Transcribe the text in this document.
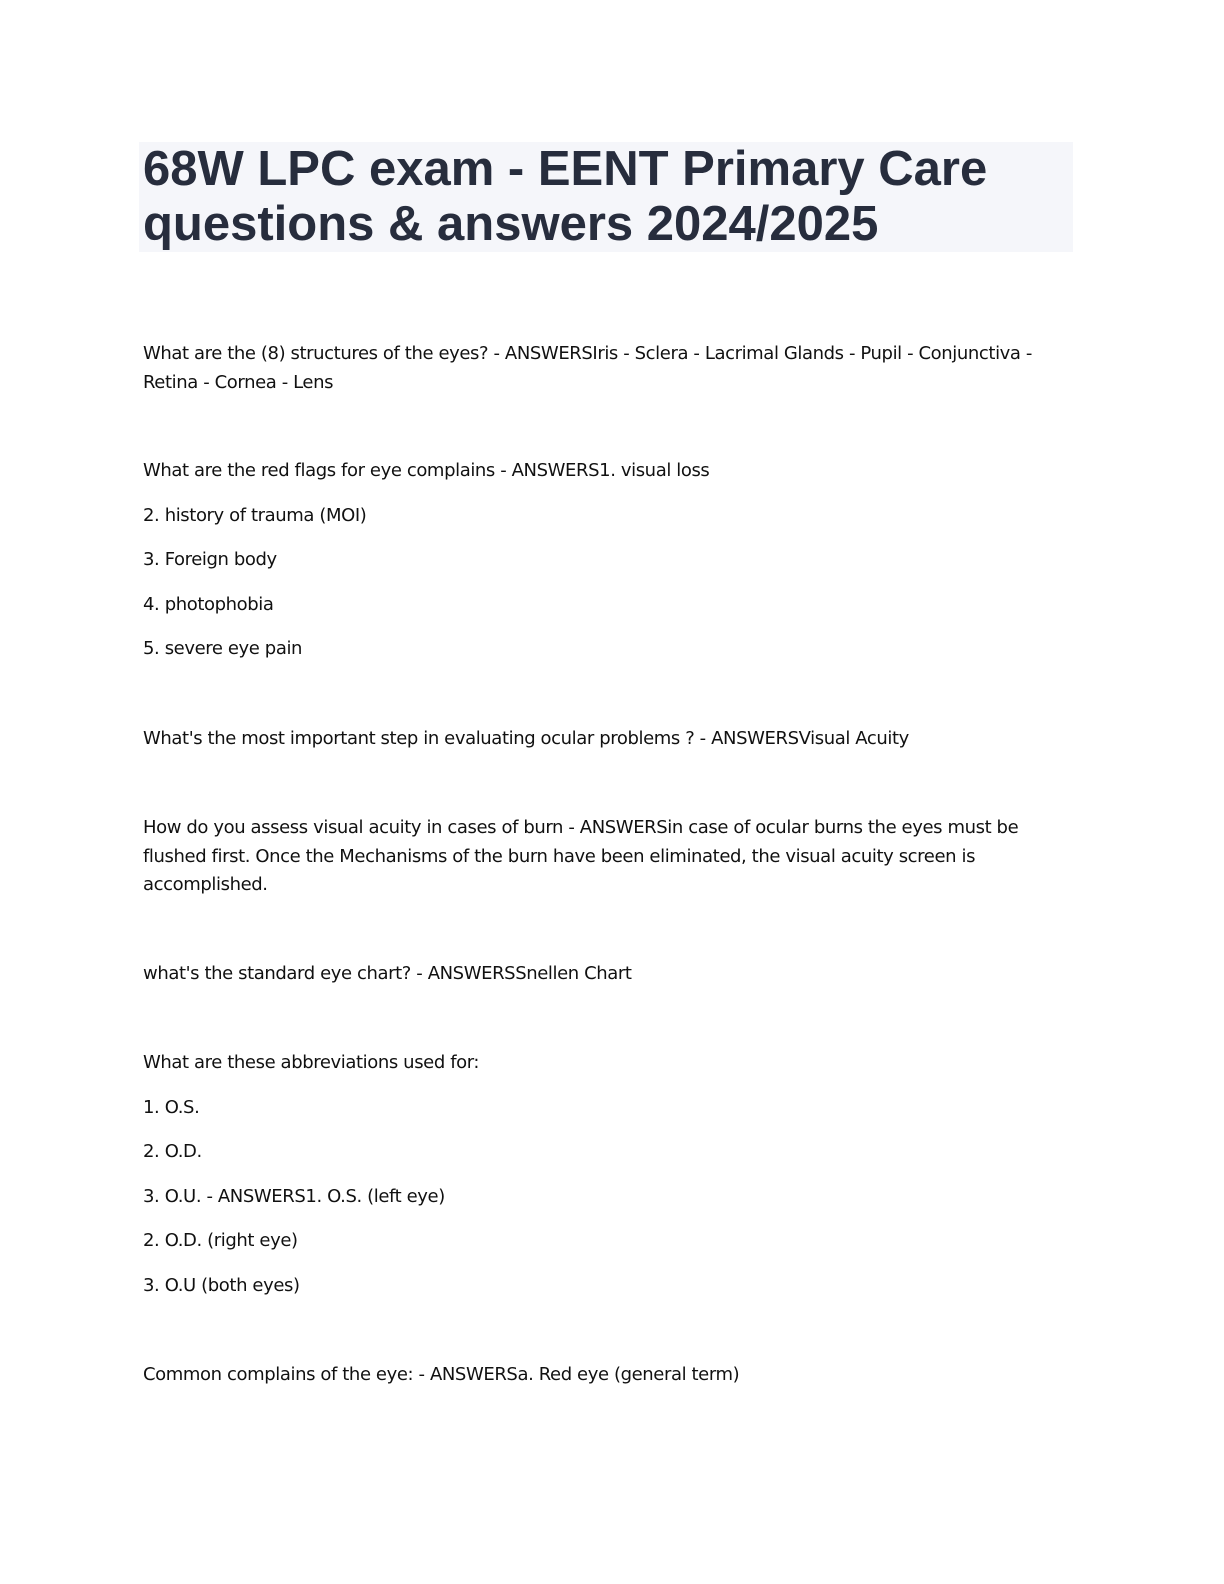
68W LPC exam - EENT Primary Care
questions & answers 2024/2025
What are the (8) structures of the eyes? - ANSWERSIris - Sclera - Lacrimal Glands - Pupil - Conjunctiva -
Retina - Cornea - Lens
What are the red flags for eye complains - ANSWERS1. visual loss
2. history of trauma (MOI)
3. Foreign body
4. photophobia
5. severe eye pain
What's the most important step in evaluating ocular problems ? - ANSWERSVisual Acuity
How do you assess visual acuity in cases of burn - ANSWERSin case of ocular burns the eyes must be
flushed first. Once the Mechanisms of the burn have been eliminated, the visual acuity screen is
accomplished.
what's the standard eye chart? - ANSWERSSnellen Chart
What are these abbreviations used for:
1. O.S.
2. O.D.
3. O.U. - ANSWERS1. O.S. (left eye)
2. O.D. (right eye)
3. O.U (both eyes)
Common complains of the eye: - ANSWERSa. Red eye (general term)
